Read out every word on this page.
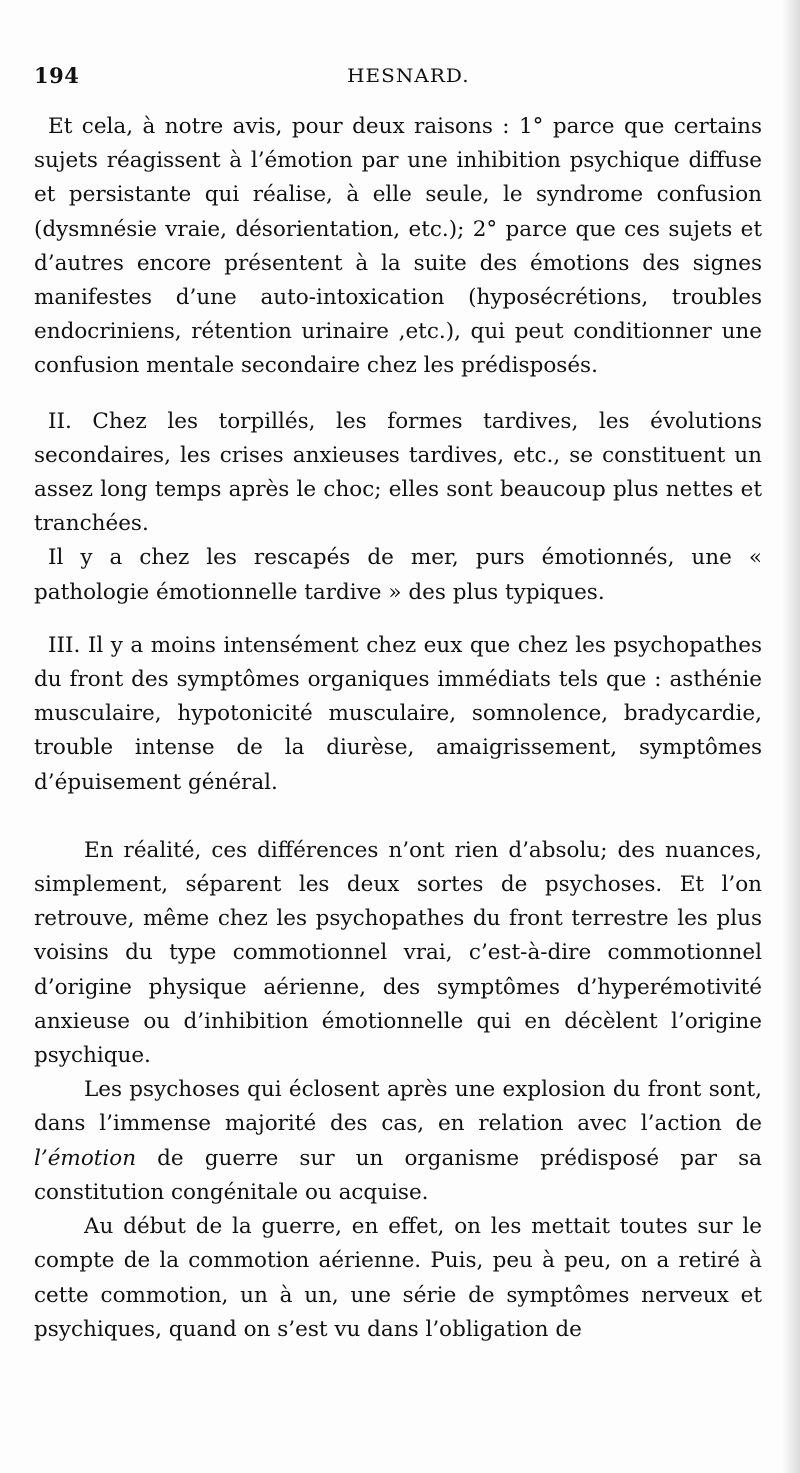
194	HESNARD.

Et cela, à notre avis, pour deux raisons : 1° parce que certains sujets réagissent à l’émotion par une inhibition psychique diffuse et persistante qui réalise, à elle seule, le syndrome confusion (dysmnésie vraie, désorientation, etc.); 2° parce que ces sujets et d’autres encore présentent à la suite des émotions des signes manifestes d’une auto-intoxication (hyposécrétions, troubles endocriniens, rétention urinaire ,etc.), qui peut conditionner une confusion mentale secondaire chez les prédisposés.

II. Chez les torpillés, les formes tardives, les évolutions secondaires, les crises anxieuses tardives, etc., se constituent un assez long temps après le choc; elles sont beaucoup plus nettes et tranchées.

Il y a chez les rescapés de mer, purs émotionnés, une « pathologie émotionnelle tardive » des plus typiques.

III. Il y a moins intensément chez eux que chez les psychopathes du front des symptômes organiques immédiats tels que : asthénie musculaire, hypotonicité musculaire, somnolence, bradycardie, trouble intense de la diurèse, amaigrissement, symptômes d’épuisement général.

En réalité, ces différences n’ont rien d’absolu; des nuances, simplement, séparent les deux sortes de psychoses. Et l’on retrouve, même chez les psychopathes du front terrestre les plus voisins du type commotionnel vrai, c’est-à-dire commotionnel d’origine physique aérienne, des symptômes d’hyperémotivité anxieuse ou d’inhibition émotionnelle qui en décèlent l’origine psychique.

Les psychoses qui éclosent après une explosion du front sont, dans l’immense majorité des cas, en relation avec l’action de l’émotion de guerre sur un organisme prédisposé par sa constitution congénitale ou acquise.

Au début de la guerre, en effet, on les mettait toutes sur le compte de la commotion aérienne. Puis, peu à peu, on a retiré à cette commotion, un à un, une série de symptômes nerveux et psychiques, quand on s’est vu dans l’obligation de
